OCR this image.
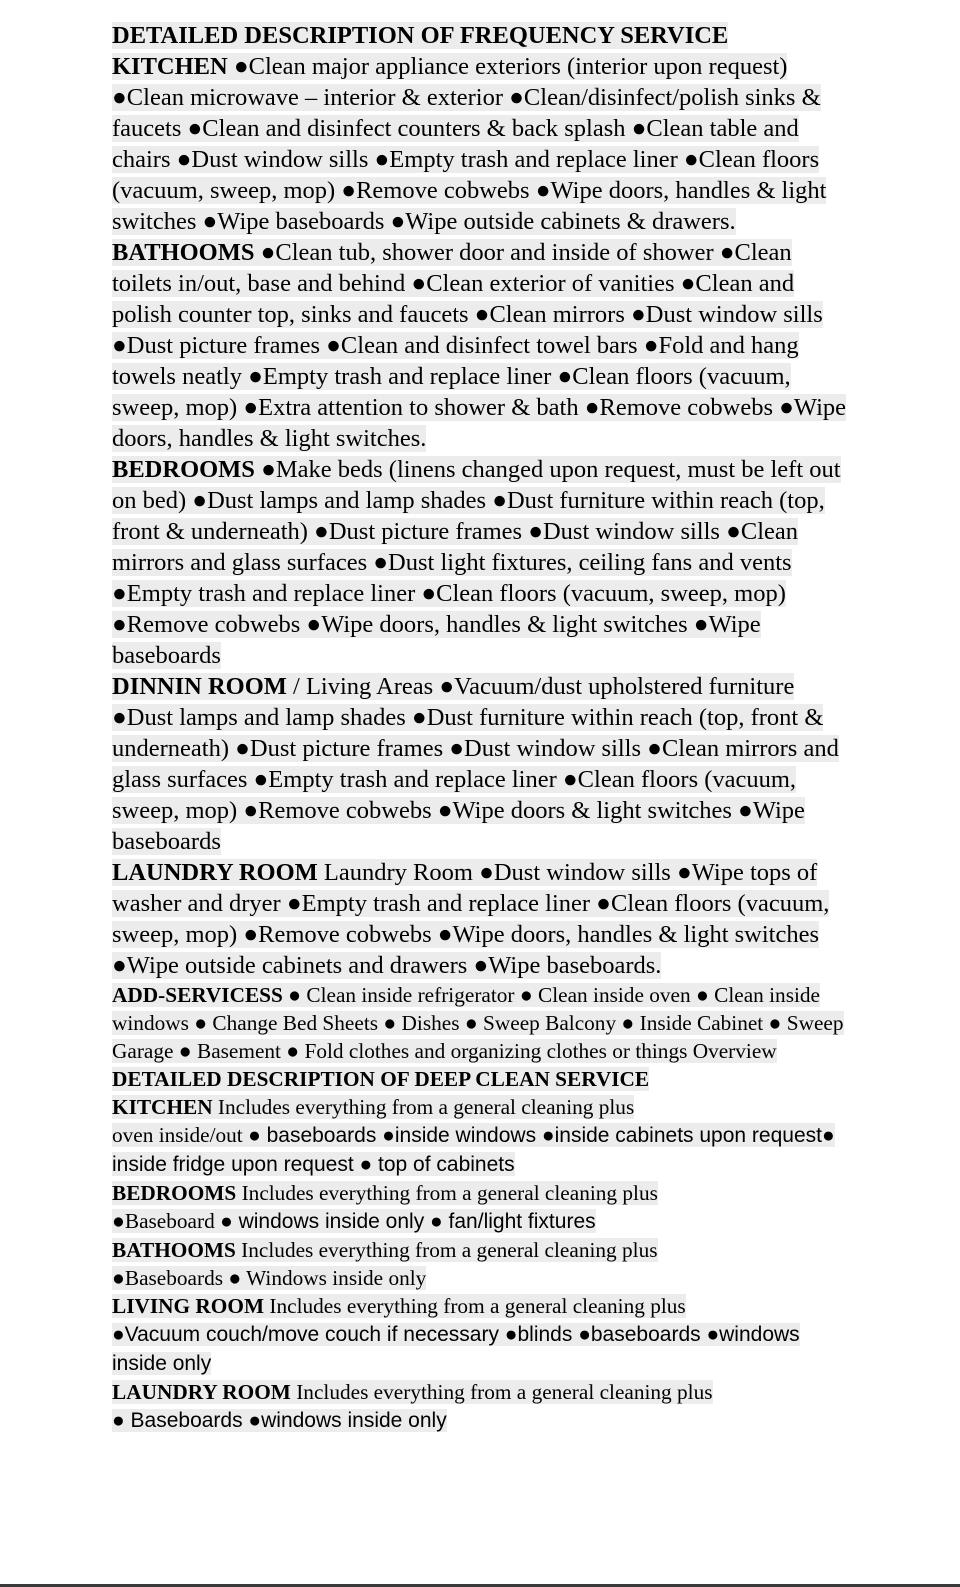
DETAILED DESCRIPTION OF FREQUENCY SERVICE

KITCHEN ●Clean major appliance exteriors (interior upon request) ●Clean microwave – interior & exterior ●Clean/disinfect/polish sinks & faucets ●Clean and disinfect counters & back splash ●Clean table and chairs ●Dust window sills ●Empty trash and replace liner ●Clean floors (vacuum, sweep, mop) ●Remove cobwebs ●Wipe doors, handles & light switches ●Wipe baseboards ●Wipe outside cabinets & drawers.

BATHOOMS ●Clean tub, shower door and inside of shower ●Clean toilets in/out, base and behind ●Clean exterior of vanities ●Clean and polish counter top, sinks and faucets ●Clean mirrors ●Dust window sills ●Dust picture frames ●Clean and disinfect towel bars ●Fold and hang towels neatly ●Empty trash and replace liner ●Clean floors (vacuum, sweep, mop) ●Extra attention to shower & bath ●Remove cobwebs ●Wipe doors, handles & light switches.

BEDROOMS ●Make beds (linens changed upon request, must be left out on bed) ●Dust lamps and lamp shades ●Dust furniture within reach (top, front & underneath) ●Dust picture frames ●Dust window sills ●Clean mirrors and glass surfaces ●Dust light fixtures, ceiling fans and vents ●Empty trash and replace liner ●Clean floors (vacuum, sweep, mop) ●Remove cobwebs ●Wipe doors, handles & light switches ●Wipe baseboards

DINNIN ROOM / Living Areas ●Vacuum/dust upholstered furniture ●Dust lamps and lamp shades ●Dust furniture within reach (top, front & underneath) ●Dust picture frames ●Dust window sills ●Clean mirrors and glass surfaces ●Empty trash and replace liner ●Clean floors (vacuum, sweep, mop) ●Remove cobwebs ●Wipe doors & light switches ●Wipe baseboards

LAUNDRY ROOM Laundry Room ●Dust window sills ●Wipe tops of washer and dryer ●Empty trash and replace liner ●Clean floors (vacuum, sweep, mop) ●Remove cobwebs ●Wipe doors, handles & light switches ●Wipe outside cabinets and drawers ●Wipe baseboards.

ADD-SERVICESS ● Clean inside refrigerator ● Clean inside oven ● Clean inside windows ● Change Bed Sheets ● Dishes ● Sweep Balcony ● Inside Cabinet ● Sweep Garage ● Basement ● Fold clothes and organizing clothes or things Overview

DETAILED DESCRIPTION OF DEEP CLEAN SERVICE

KITCHEN Includes everything from a general cleaning plus

oven inside/out ● baseboards ●inside windows ●inside cabinets upon request● inside fridge upon request ● top of cabinets

BEDROOMS Includes everything from a general cleaning plus

●Baseboard ● windows inside only ● fan/light fixtures

BATHOOMS Includes everything from a general cleaning plus

●Baseboards ● Windows inside only

LIVING ROOM Includes everything from a general cleaning plus

●Vacuum couch/move couch if necessary ●blinds ●baseboards ●windows inside only

LAUNDRY ROOM Includes everything from a general cleaning plus

● Baseboards ●windows inside only
